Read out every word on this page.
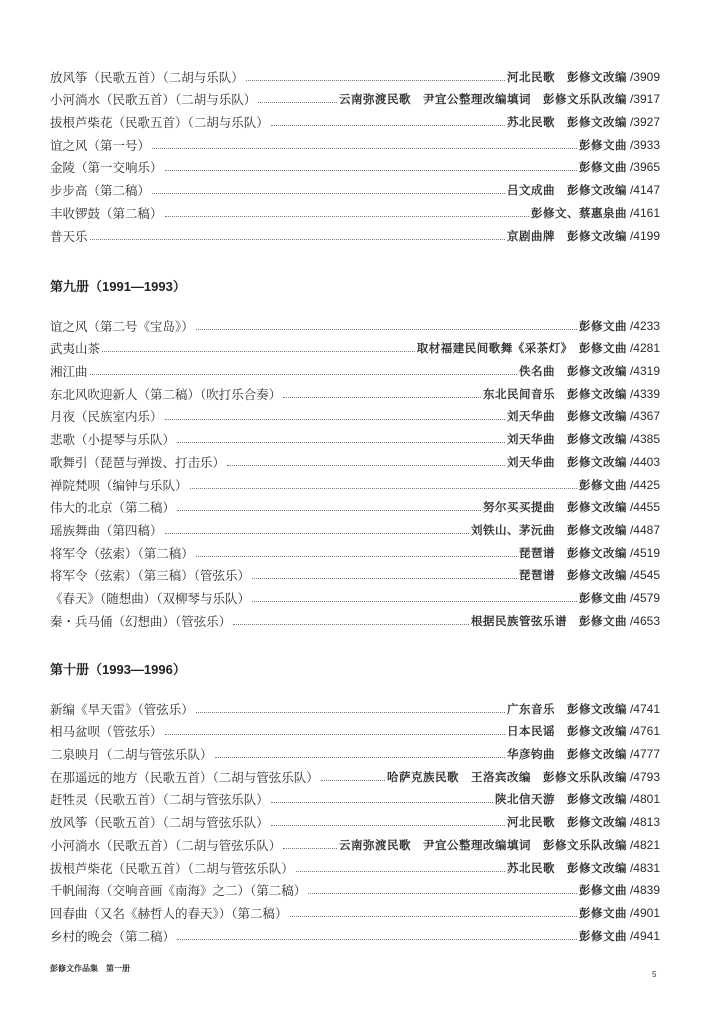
放风筝（民歌五首）（二胡与乐队）	河北民歌　彭修文改编 / 3909
小河淌水（民歌五首）（二胡与乐队）	云南弥渡民歌　尹宜公整理改编填词　彭修文乐队改编 / 3917
拔根芦柴花（民歌五首）（二胡与乐队）	苏北民歌　彭修文改编 / 3927
谊之风（第一号）	彭修文曲 / 3933
金陵（第一交响乐）	彭修文曲 / 3965
步步高（第二稿）	吕文成曲　彭修文改编 / 4147
丰收锣鼓（第二稿）	彭修文、蔡惠泉曲 / 4161
普天乐	京剧曲牌　彭修文改编 / 4199
第九册（1991—1993）
谊之风（第二号《宝岛》）	彭修文曲 / 4233
武夷山茶	取材福建民间歌舞《采茶灯》　彭修文曲 / 4281
湘江曲	佚名曲　彭修文改编 / 4319
东北风吹迎新人（第二稿）（吹打乐合奏）	东北民间音乐　彭修文改编 / 4339
月夜（民族室内乐）	刘天华曲　彭修文改编 / 4367
悲歌（小提琴与乐队）	刘天华曲　彭修文改编 / 4385
歌舞引（琵琶与弹拨、打击乐）	刘天华曲　彭修文改编 / 4403
禅院梵呗（编钟与乐队）	彭修文曲 / 4425
伟大的北京（第二稿）	努尔买买提曲　彭修文改编 / 4455
瑶族舞曲（第四稿）	刘铁山、茅沅曲　彭修文改编 / 4487
将军令（弦索）（第二稿）	琵琶谱　彭修文改编 / 4519
将军令（弦索）（第三稿）（管弦乐）	琵琶谱　彭修文改编 / 4545
《春天》（随想曲）（双柳琴与乐队）	彭修文曲 / 4579
秦・兵马俑（幻想曲）（管弦乐）	根据民族管弦乐谱　彭修文曲 / 4653
第十册（1993—1996）
新编《旱天雷》（管弦乐）	广东音乐　彭修文改编 / 4741
相马盆呗（管弦乐）	日本民谣　彭修文改编 / 4761
二泉映月（二胡与管弦乐队）	华彦钧曲　彭修文改编 / 4777
在那遥远的地方（民歌五首）（二胡与管弦乐队）	哈萨克族民歌　王洛宾改编　彭修文乐队改编 / 4793
赶牲灵（民歌五首）（二胡与管弦乐队）	陕北信天游　彭修文改编 / 4801
放风筝（民歌五首）（二胡与管弦乐队）	河北民歌　彭修文改编 / 4813
小河淌水（民歌五首）（二胡与管弦乐队）	云南弥渡民歌　尹宜公整理改编填词　彭修文乐队改编 / 4821
拔根芦柴花（民歌五首）（二胡与管弦乐队）	苏北民歌　彭修文改编 / 4831
千帆闹海（交响音画《南海》之二）（第二稿）	彭修文曲 / 4839
回春曲（又名《赫哲人的春天》）（第二稿）	彭修文曲 / 4901
乡村的晚会（第二稿）	彭修文曲 / 4941
彭修文作品集　第一册
5
